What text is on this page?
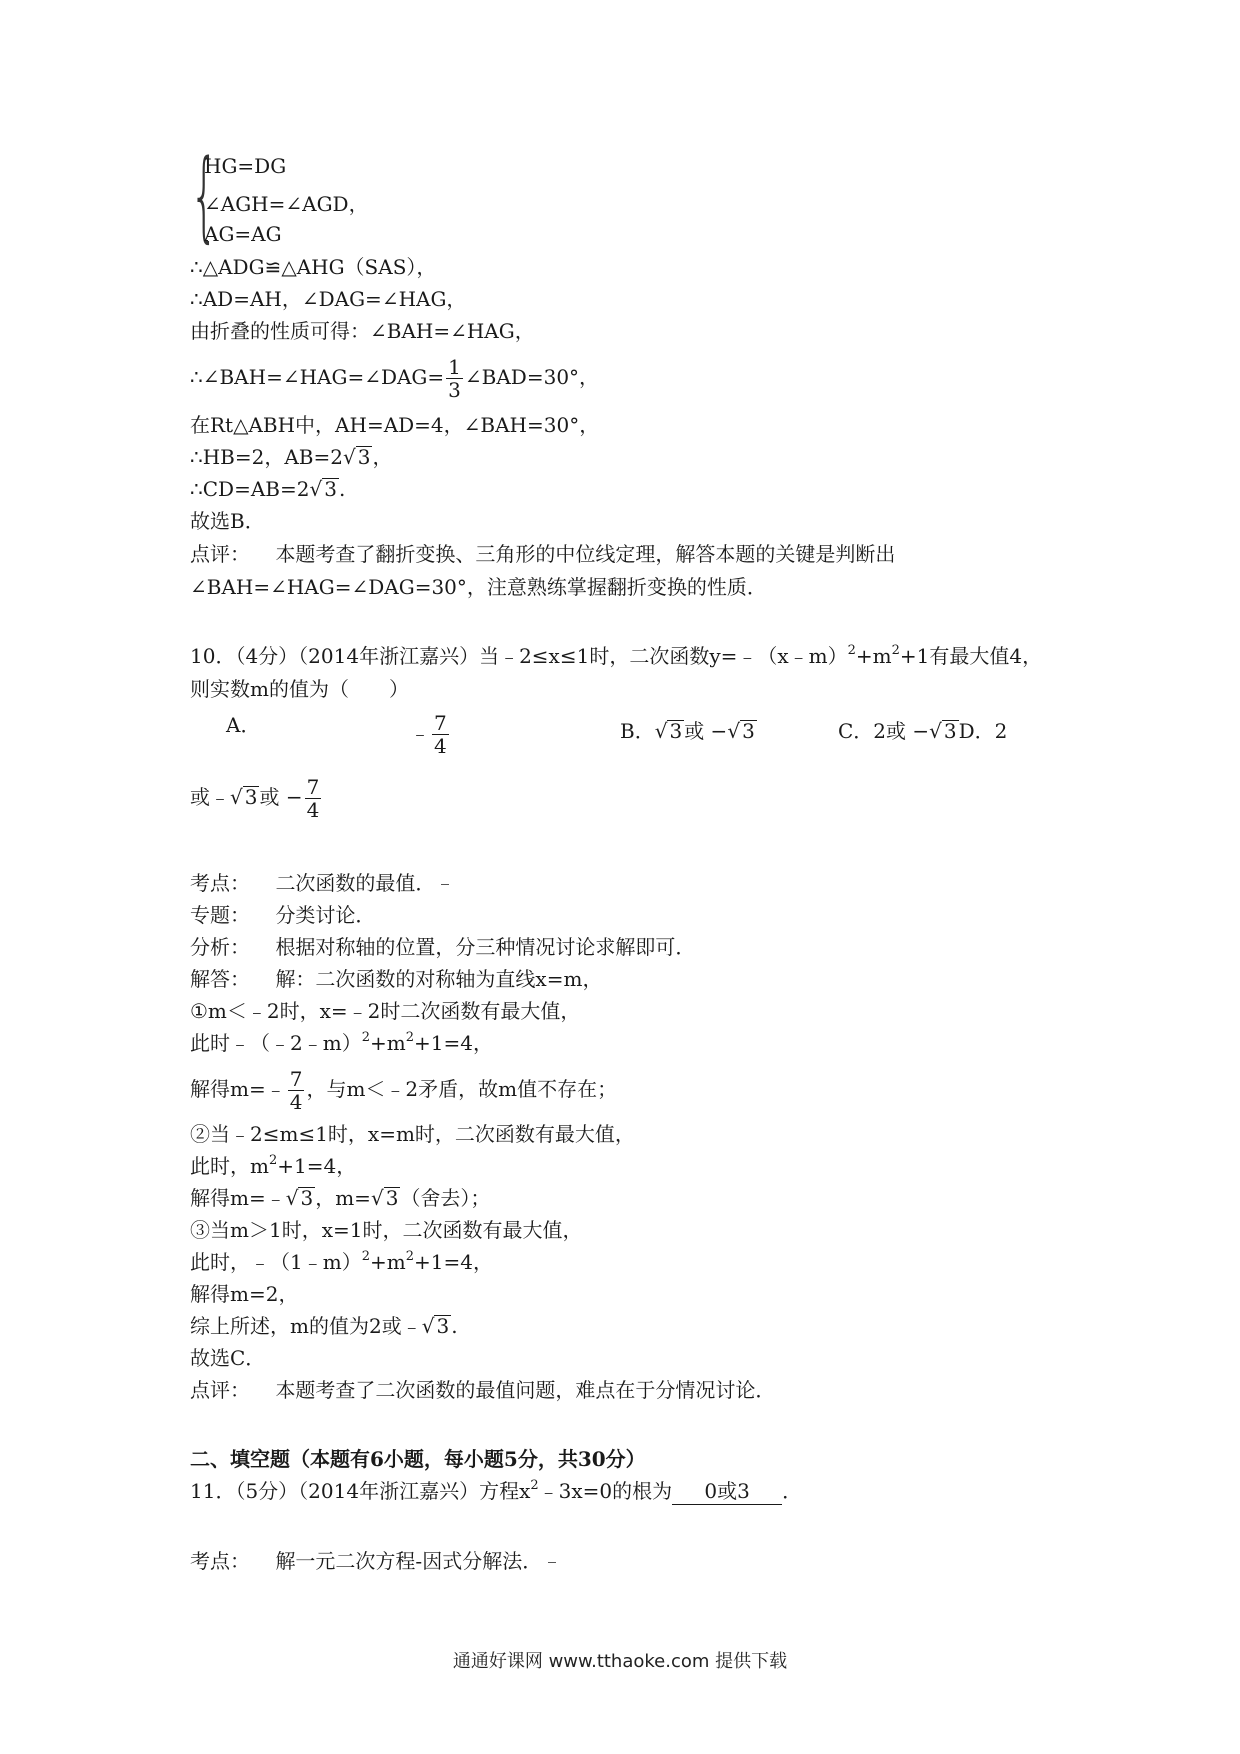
{
HG=DG
∠AGH=∠AGD，
AG=AG
∴△ADG≌△AHG（SAS），
∴AD=AH，∠DAG=∠HAG，
由折叠的性质可得：∠BAH=∠HAG，
∴∠BAH=∠HAG=∠DAG= $\frac{1}{3}$ ∠BAD=30°，
在Rt△ABH中，AH=AD=4，∠BAH=30°，
∴HB=2，AB=2√ 3 ，
∴CD=AB=2√ 3 .
故选B．
点评： 本题考查了翻折变换、三角形的中位线定理，解答本题的关键是判断出
∠BAH=∠HAG=∠DAG=30°，注意熟练掌握翻折变换的性质．
10．（4分）（2014年浙江嘉兴）当﹣2≤x≤1时，二次函数$y=﹣(x﹣m)^2+m^2+1$有最大值4，
则实数m的值为（　　）
A．	﹣ $\frac{7}{4}$	B．√ 3 或 −√ 3	C．2或 −√ 3 D．2
或﹣√ 3 或 − $\frac{7}{4}$
考点： 二次函数的最值．
专题： 分类讨论．
分析： 根据对称轴的位置，分三种情况讨论求解即可．
解答： 解：二次函数的对称轴为直线x=m，
①m＜﹣2时，x=﹣2时二次函数有最大值，
此时$﹣(﹣2﹣m)^2+m^2+1=4$，
解得m=﹣ $\frac{7}{4}$ ，与m＜﹣2矛盾，故m值不存在；
②当﹣2≤m≤1时，x=m时，二次函数有最大值，
此时，$m^2+1=4$，
解得m=﹣√ 3 ，m=√ 3 （舍去）；
③当m＞1时，x=1时，二次函数有最大值，
此时，$﹣(1﹣m)^2+m^2+1=4$，
解得m=2，
综上所述，m的值为2或﹣√ 3 .
故选C．
点评： 本题考查了二次函数的最值问题，难点在于分情况讨论．
二、填空题（本题有6小题，每小题5分，共30分）
11．（5分）（2014年浙江嘉兴）方程$x^2﹣3x=0$的根为 0或3 ．
考点： 解一元二次方程-因式分解法．
通通好课网 www.tthaoke.com 提供下载
